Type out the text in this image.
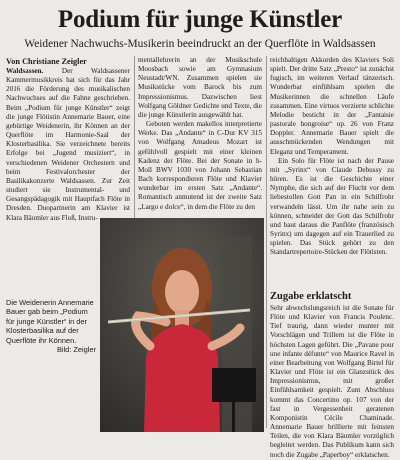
Podium für junge Künstler
Weidener Nachwuchs-Musikerin beeindruckt an der Querflöte in Waldsassen
Von Christiane Zeigler

Waldsassen.	Der Waldsassener Kammermusikkreis hat sich für das Jahr 2016 die Förderung des musikalischen Nachwuchses auf die Fahne geschrieben. Beim „Podium für junge Künstler“ zeigt die junge Flötistin Annemarie Bauer, eine gebürtige Weidenerin, ihr Können an der Querflöte im Harmonie-Saal der Klosterbasilika. Sie verzeichnete bereits Erfolge bei „Jugend musiziert“, in verschiedenen Weidener Orchestern und beim Festivalorchester der Basilikakonzerte Waldsassen. Zur Zeit studiert sie Instrumental- und Gesangspädagogik mit Hauptfach Flöte in Dresden. Duopartnerin am Klavier ist Klara Bäumler aus Floß, Instru-

mentallehrerin an der Musikschule Moosbach sowie am Gymnasium Neustadt/WN. Zusammen spielen sie Musikstücke vom Barock bis zum Impressionismus. Dazwischen liest Wolfgang Göldner Gedichte und Texte, die die junge Künstlerin ausgewählt hat.

Geboten werden makellos interpretierte Werke. Das „Andante“ in C-Dur KV 315 von Wolfgang Amadeus Mozart ist gefühlvoll gespielt mit einer kleinen Kadenz der Flöte. Bei der Sonate in h-Moll BWV 1030 von Johann Sebastian Bach korrespondieren Flöte und Klavier wunderbar im ersten Satz „Andante“. Romantisch anmutend ist der zweite Satz „Largo e dolce“, in dem die Flöte zu den

reichhaltigen Akkorden des Klaviers Soli spielt. Der dritte Satz „Presto“ ist zunächst fugisch, im weiteren Verlauf tänzerisch. Wunderbar einfühlsam spielen die Musikerinnen die schnellen Läufe zusammen. Eine virtuos verzierte schlichte Melodie besticht in der „Fantaisie pastorale hongroise“ op. 26 von Franz Doppler. Annemarie Bauer spielt die ausschmückenden Wendungen mit Eleganz und Temperament.

Ein Solo für Flöte ist nach der Pause mit „Syrinx“ von Claude Debussy zu hören. Es ist die Geschichte einer Nymphe, die sich auf der Flucht vor dem liebestollen Gott Pan in ein Schilfrohr verwandeln lässt. Um ihr nahe sein zu können, schneidet der Gott das Schilfrohr und baut daraus die Panflöte (französisch Syrinx) um dagegen auf ein Trauerlied zu spielen. Das Stück gehört zu den Standartrepertoire-Stücken der Flötisten.

Zugabe erklatscht

Sehr abwechslungsreich ist die Sonate für Flöte und Klavier von Francis Poulenc. Tief traurig, dann wieder munter mit Vorschlägen und Trillern ist die Flöte in höchsten Lagen geführt. Die „Pavane pour une infante défunte“ von Maurice Ravel in einer Bearbeitung von Wolfgang Birtel für Klavier und Flöte ist ein Glanzstück des Impressionismus, mit großer Einfühlsamkeit gespielt. Zum Abschluss kommt das Concertino op. 107 von der fast in Vergessenheit geratenen Komponistin Cécile Chaminade. Annemarie Bauer brillierte mit feinsten Teilen, die von Klara Bäumler vorzüglich begleitet werden. Das Publikum kann sich noch die Zugabe „Paperboy“ erklatschen.

Die Weidenerin Annemarie Bauer gab beim „Podium für junge Künstler“ in der Klosterbasilika auf der Querflöte ihr Können.
Bild: Zeigler
